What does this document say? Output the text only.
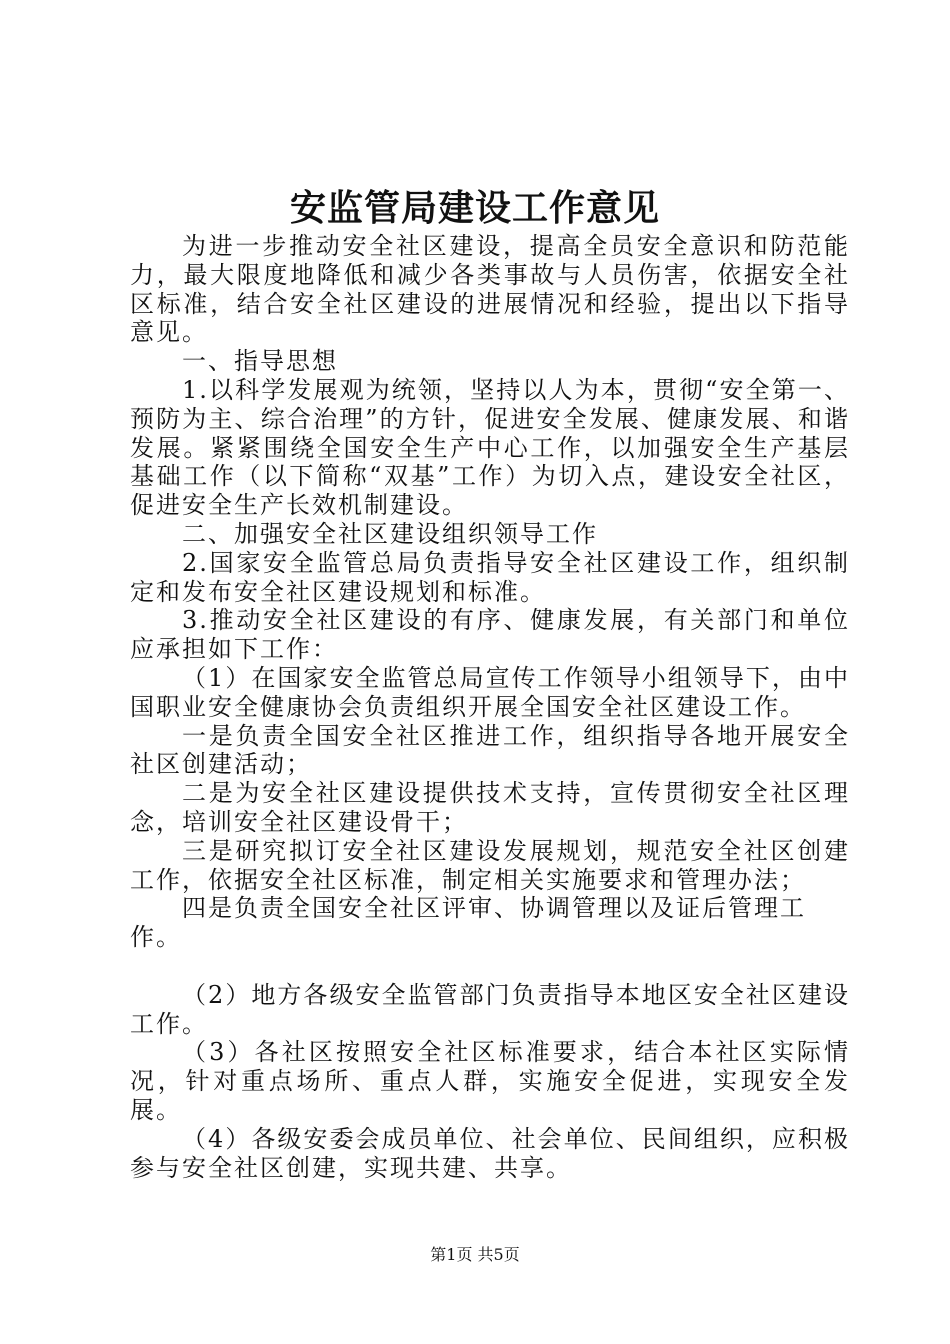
安监管局建设工作意见

为进一步推动安全社区建设，提高全员安全意识和防范能力，最大限度地降低和减少各类事故与人员伤害，依据安全社区标准，结合安全社区建设的进展情况和经验，提出以下指导意见。

一、指导思想

1.以科学发展观为统领，坚持以人为本，贯彻“安全第一、预防为主、综合治理”的方针，促进安全发展、健康发展、和谐发展。紧紧围绕全国安全生产中心工作，以加强安全生产基层基础工作（以下简称“双基”工作）为切入点，建设安全社区，促进安全生产长效机制建设。

二、加强安全社区建设组织领导工作

2.国家安全监管总局负责指导安全社区建设工作，组织制定和发布安全社区建设规划和标准。

3.推动安全社区建设的有序、健康发展，有关部门和单位应承担如下工作：

（1）在国家安全监管总局宣传工作领导小组领导下，由中国职业安全健康协会负责组织开展全国安全社区建设工作。

一是负责全国安全社区推进工作，组织指导各地开展安全社区创建活动；

二是为安全社区建设提供技术支持，宣传贯彻安全社区理念，培训安全社区建设骨干；

三是研究拟订安全社区建设发展规划，规范安全社区创建工作，依据安全社区标准，制定相关实施要求和管理办法；

四是负责全国安全社区评审、协调管理以及证后管理工作。

（2）地方各级安全监管部门负责指导本地区安全社区建设工作。

（3）各社区按照安全社区标准要求，结合本社区实际情况，针对重点场所、重点人群，实施安全促进，实现安全发展。

（4）各级安委会成员单位、社会单位、民间组织，应积极参与安全社区创建，实现共建、共享。

第1页 共5页
